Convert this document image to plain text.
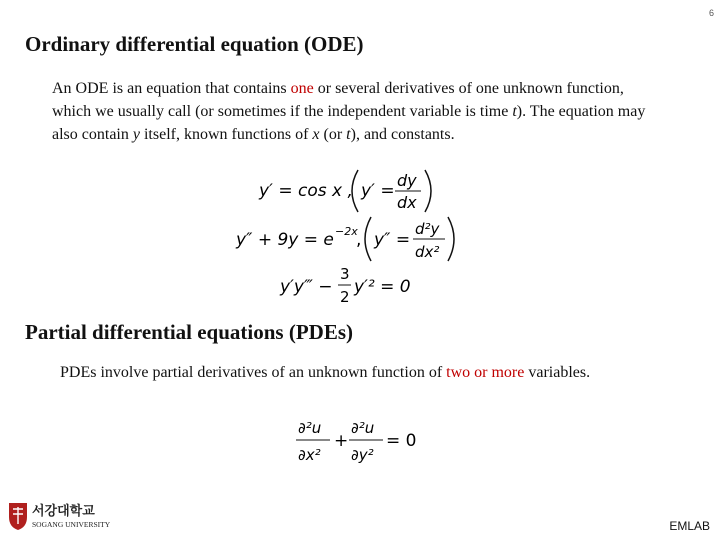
6
Ordinary differential equation (ODE)

An ODE is an equation that contains one or several derivatives of one unknown function, which we usually call (or sometimes if the independent variable is time t). The equation may also contain y itself, known functions of x (or t), and constants.

y′ = cos x , y′ =
dy
dx
y″ + 9y = e −2x
, y″ =
d²y
dx²
y′y‴ −
3
2 y′² = 0
Partial differential equations (PDEs)

PDEs involve partial derivatives of an unknown function of two or more variables.

∂²u
∂x²
+
∂²u
∂y²
= 0
서강대학교
SOGANG UNIVERSITY	EMLAB
